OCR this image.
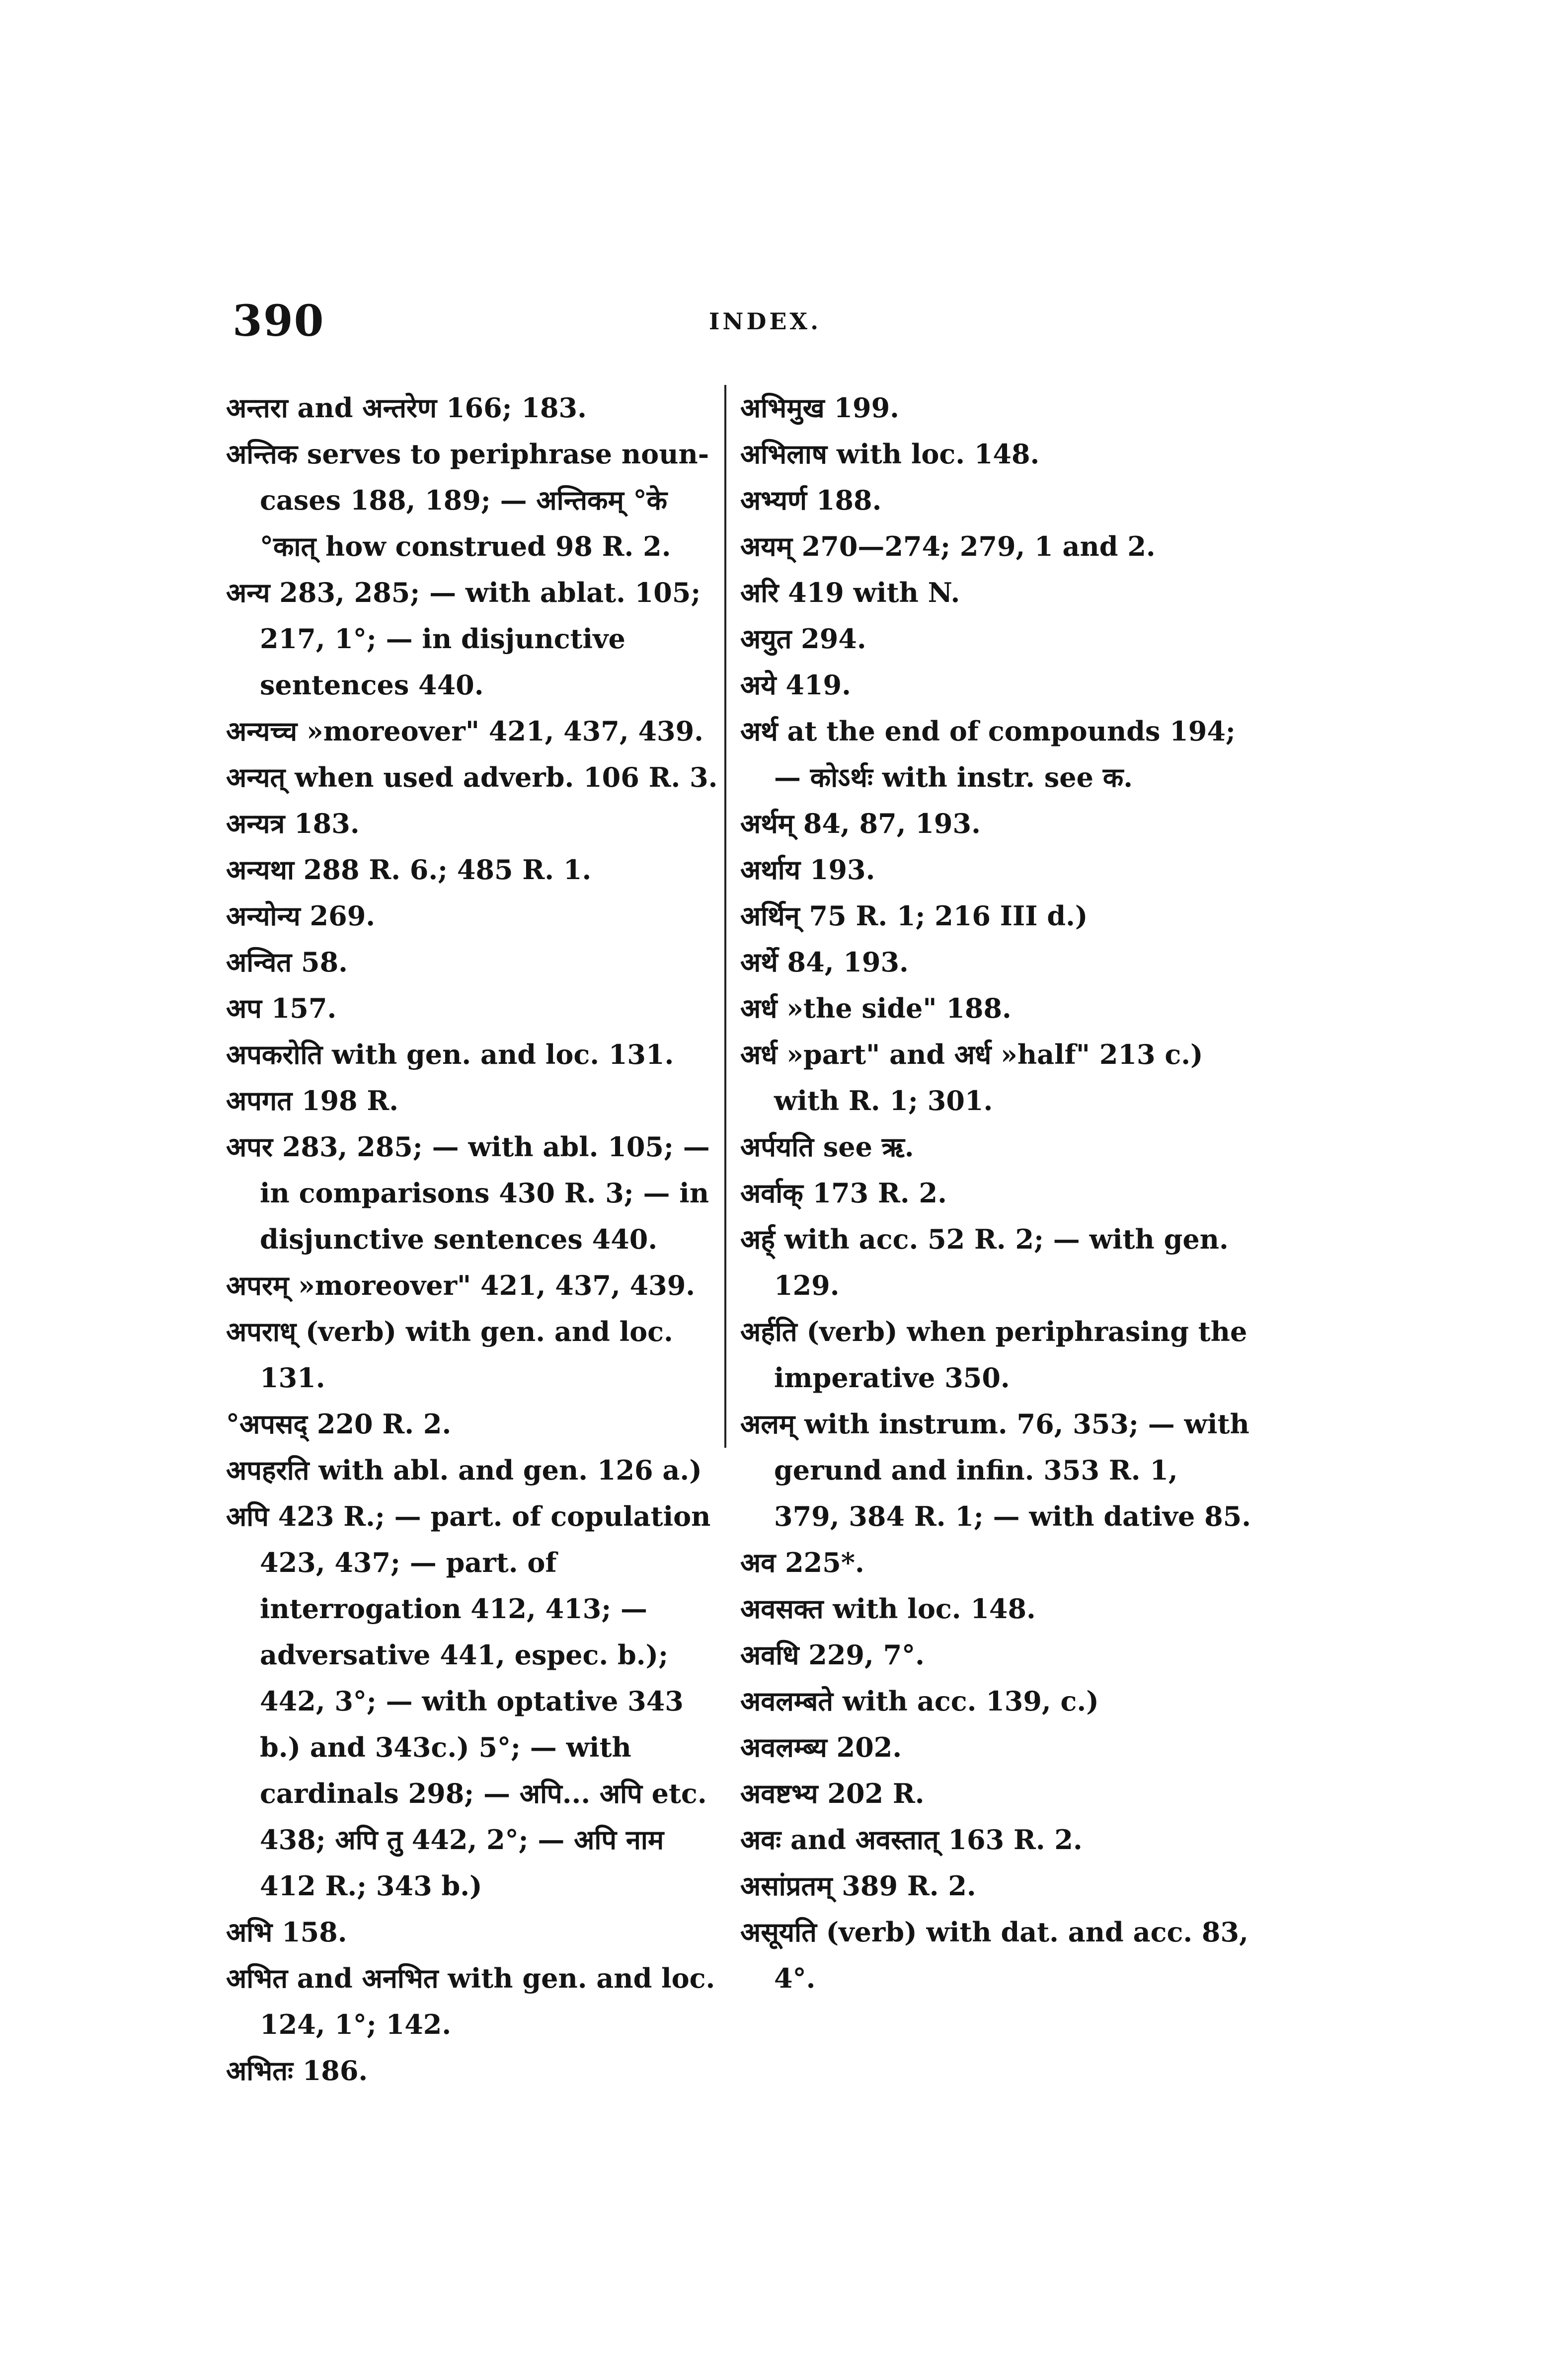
390	INDEX.

अन्तरा and अन्तरेण 166; 183.

अन्तिक serves to periphrase noun-cases 188, 189; — अन्तिकम् °के °कात् how construed 98 R. 2.

अन्य 283, 285; — with ablat. 105; 217, 1°; — in disjunctive sentences 440.

अन्यच्च »moreover" 421, 437, 439.

अन्यत् when used adverb. 106 R. 3.

अन्यत्र 183.

अन्यथा 288 R. 6.; 485 R. 1.

अन्योन्य 269.

अन्वित 58.

अप 157.

अपकरोति with gen. and loc. 131.

अपगत 198 R.

अपर 283, 285; — with abl. 105; — in comparisons 430 R. 3; — in disjunctive sentences 440.

अपरम् »moreover" 421, 437, 439.

अपराध् (verb) with gen. and loc. 131.

°अपसद् 220 R. 2.

अपहरति with abl. and gen. 126 a.)

अपि 423 R.; — part. of copulation 423, 437; — part. of interrogation 412, 413; — adversative 441, espec. b.); 442, 3°; — with optative 343 b.) and 343c.) 5°; — with cardinals 298; — अपि... अपि etc. 438; अपि तु 442, 2°; — अपि नाम 412 R.; 343 b.)

अभि 158.

अभित and अनभित with gen. and loc. 124, 1°; 142.

अभितः 186.

अभिमुख 199.

अभिलाष with loc. 148.

अभ्यर्ण 188.

अयम् 270—274; 279, 1 and 2.

अरि 419 with N.

अयुत 294.

अये 419.

अर्थ at the end of compounds 194; — कोऽर्थः with instr. see क.

अर्थम् 84, 87, 193.

अर्थाय 193.

अर्थिन् 75 R. 1; 216 III d.)

अर्थे 84, 193.

अर्ध »the side" 188.

अर्ध »part" and अर्ध »half" 213 c.) with R. 1; 301.

अर्पयति see ऋ.

अर्वाक् 173 R. 2.

अर्ह् with acc. 52 R. 2; — with gen. 129.

अर्हति (verb) when periphrasing the imperative 350.

अलम् with instrum. 76, 353; — with gerund and infin. 353 R. 1, 379, 384 R. 1; — with dative 85.

अव 225*.

अवसक्त with loc. 148.

अवधि 229, 7°.

अवलम्बते with acc. 139, c.)

अवलम्ब्य 202.

अवष्टभ्य 202 R.

अवः and अवस्तात् 163 R. 2.

असांप्रतम् 389 R. 2.

असूयति (verb) with dat. and acc. 83, 4°.
